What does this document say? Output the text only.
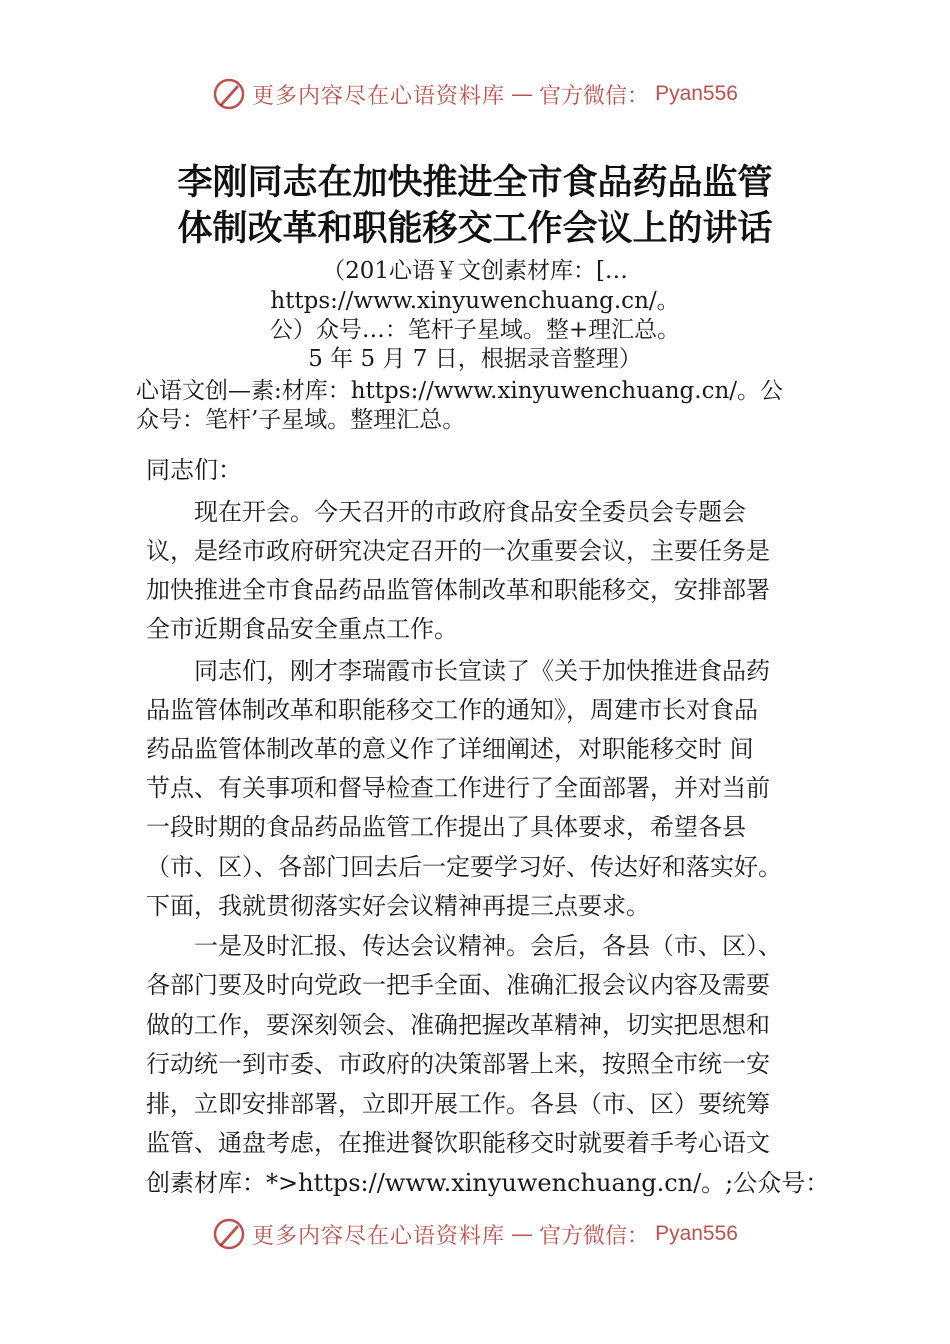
更多内容尽在心语资料库 — 官方微信： Pyan556
李刚同志在加快推进全市食品药品监管
体制改革和职能移交工作会议上的讲话
（201心语￥文创素材库：[…
https://www.xinyuwenchuang.cn/。
公）众号…：笔杆子星域。整+理汇总。
5 年 5 月 7 日，根据录音整理）
心语文创—素:材库：https://www.xinyuwenchuang.cn/。公
众号：笔杆’子星域。整理汇总。
同志们：
　　现在开会。今天召开的市政府食品安全委员会专题会
议，是经市政府研究决定召开的一次重要会议，主要任务是
加快推进全市食品药品监管体制改革和职能移交，安排部署
全市近期食品安全重点工作。
　　同志们，刚才李瑞霞市长宣读了《关于加快推进食品药
品监管体制改革和职能移交工作的通知》，周建市长对食品
药品监管体制改革的意义作了详细阐述，对职能移交时 间
节点、有关事项和督导检查工作进行了全面部署，并对当前
一段时期的食品药品监管工作提出了具体要求，希望各县
（市、区）、各部门回去后一定要学习好、传达好和落实好。
下面，我就贯彻落实好会议精神再提三点要求。
　　一是及时汇报、传达会议精神。会后，各县（市、区）、
各部门要及时向党政一把手全面、准确汇报会议内容及需要
做的工作，要深刻领会、准确把握改革精神，切实把思想和
行动统一到市委、市政府的决策部署上来，按照全市统一安
排，立即安排部署，立即开展工作。各县（市、区）要统筹
监管、通盘考虑，在推进餐饮职能移交时就要着手考心语文
创素材库：*>https://www.xinyuwenchuang.cn/。;公众号：
更多内容尽在心语资料库 — 官方微信： Pyan556
